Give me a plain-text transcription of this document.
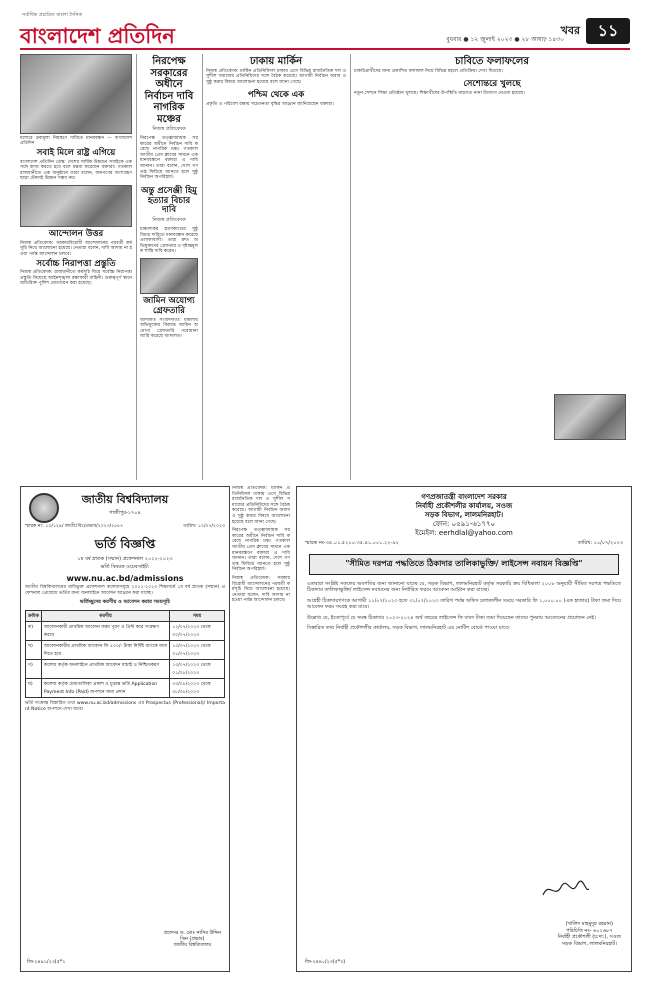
সর্বাধিক প্রচারিত বাংলা দৈনিক
বাংলাদেশ প্রতিদিন	বুধবার ● ১২ জুলাই ২০২৩ ● ২৮ আষাঢ় ১৪৩০
খবর	১১
যশোরে দ্রব্যমূল্য নিয়ন্ত্রণে দাবিতে মানববন্ধন — বাংলাদেশ প্রতিদিন
সবাই মিলে রাষ্ট্র এগিয়ে
বাংলাদেশ প্রতিদিন ডেস্ক: দেশের সার্বিক উন্নয়নে সবাইকে একসঙ্গে কাজ করতে হবে বলে মন্তব্য করেছেন বক্তারা। গতকাল রাজধানীতে এক অনুষ্ঠানে তারা বলেন, জনগণের অংশগ্রহণ ছাড়া টেকসই উন্নয়ন সম্ভব নয়।
আন্দোলন উত্তর
নিজস্ব প্রতিবেদক: সরকারবিরোধী আন্দোলনের পরবর্তী কর্মসূচি নিয়ে আলোচনা হয়েছে। নেতারা বলেন, দাবি আদায় না হওয়া পর্যন্ত আন্দোলন চলবে।
সর্বোচ্চ নিরাপত্তা প্রস্তুতি
নিজস্ব প্রতিবেদক: রাজধানীতে কর্মসূচি ঘিরে সর্বোচ্চ নিরাপত্তা প্রস্তুতি নিয়েছে আইনশৃঙ্খলা রক্ষাকারী বাহিনী। গুরুত্বপূর্ণ স্থানে অতিরিক্ত পুলিশ মোতায়েন করা হয়েছে।
নিরপেক্ষ সরকারের অধীনে নির্বাচন দাবি নাগরিক মঞ্চের
নিজস্ব প্রতিবেদক
নিরপেক্ষ তত্ত্বাবধায়ক সরকারের অধীনে নির্বাচন দাবি করেছে নাগরিক মঞ্চ। গতকাল জাতীয় প্রেস ক্লাবের সামনে এক মানববন্ধনে বক্তারা এ দাবি জানান। তারা বলেন, দেশে গণতন্ত্র ফিরিয়ে আনতে হলে সুষ্ঠু নির্বাচন অপরিহার্য।
অন্তু প্রসেঞ্জী হিমু হত্যার বিচার দাবি
নিজস্ব প্রতিবেদক
চাঞ্চল্যকর হত্যাকাণ্ডের সুষ্ঠু বিচার দাবিতে মানববন্ধন করেছে এলাকাবাসী। তারা দ্রুত অভিযুক্তদের গ্রেফতার ও দৃষ্টান্তমূলক শাস্তি দাবি করেন।
জামিন অযোগ্য গ্রেফতারি
আদালত সংবাদদাতা: মামলায় অভিযুক্তের বিরুদ্ধে জামিন অযোগ্য গ্রেফতারি পরোয়ানা জারি করেছে আদালত।
ঢাকায় মার্কিন
নিজস্ব প্রতিবেদক: মার্কিন প্রতিনিধিদল ঢাকায় এসে বিভিন্ন রাজনৈতিক দল ও সুশীল সমাজের প্রতিনিধিদের সঙ্গে বৈঠক করেছে। আগামী নির্বাচন অবাধ ও সুষ্ঠু করার বিষয়ে আলোচনা হয়েছে বলে জানা গেছে।
পশ্চিম থেকে এক
প্রকৃতি ও পরিবেশ রক্ষায় সচেতনতা বৃদ্ধির আহ্বান জানিয়েছেন বক্তারা।
চাবিতে ফলাফলের
চাকরিপ্রার্থীদের জন্য প্রকাশিত ফলাফল নিয়ে বিভিন্ন মহলে প্রতিক্রিয়া দেখা দিয়েছে।
সেশোন্তরে খুলছে
নতুন সেশনে শিক্ষা প্রতিষ্ঠান খুলছে। শিক্ষার্থীদের উপস্থিতি বাড়াতে নানা উদ্যোগ নেওয়া হয়েছে।
জাতীয় বিশ্ববিদ্যালয়
গাজীপুর-১৭০৪
স্মারক নং: ১০/১২৯/ জাতীঃবিঃ/প্রভাব/২০২৩/২৫৮৭	তারিখ: ১০/০৭/২০২৩
ভর্তি বিজ্ঞপ্তি
১ম বর্ষ স্নাতক (সম্মান) প্রফেশনাল ২০২২-২০২৩
ভর্তি বিষয়ক ওয়েবসাইট:
www.nu.ac.bd/admissions
জাতীয় বিশ্ববিদ্যালয়ের অধিভুক্ত প্রফেশনাল কলেজসমূহে ২০২২-২০২৩ শিক্ষাবর্ষে ১ম বর্ষ স্নাতক (সম্মান) প্রফেশনাল প্রোগ্রামে ভর্তির জন্য অনলাইনে আবেদন আহ্বান করা যাচ্ছে।
ভর্তিচ্ছুদের করণীয় ও আবেদন করার সময়সূচি
ক্রমিক	করণীয়	সময়
ক)	আবেদনকারী প্রাথমিক আবেদন ফরম পূরণ ও প্রিন্ট করে সংরক্ষণ করবে	১২/০৭/২০২৩ থেকে ৩০/০৭/২০২৩
খ)	আবেদনকারীর প্রাথমিক আবেদন ফি ৫০০/- টাকা নির্দিষ্ট ব্যাংকে জমা দিতে হবে	১৩/০৭/২০২৩ থেকে ৩১/০৭/২০২৩
গ)	কলেজ কর্তৃক অনলাইনে প্রাথমিক আবেদন যাচাই ও নিশ্চিতকরণ	১৩/০৭/২০২৩ থেকে ০১/০৮/২০২৩
ঘ)	কলেজ কর্তৃক মেধাতালিকা প্রকাশ ও চূড়ান্ত ভর্তি Application Payment Info (Paid) অপশনে জমা প্রদান	০৩/০৮/২০২৩ থেকে ০৮/০৮/২০২৩
ভর্তি সংক্রান্ত বিস্তারিত তথ্য www.nu.ac.bd/admissions এর Prospectus (Professional)/ Important Notice অপশনে দেখা যাবে।
প্রফেসর ড. মোঃ নাসির উদ্দিন
ডিন (প্রভাব)
জাতীয় বিশ্ববিদ্যালয়
জি-২৪৯১/২৩(৫*২
নিজস্ব প্রতিবেদক: মার্কিন প্রতিনিধিদল ঢাকায় এসে বিভিন্ন রাজনৈতিক দল ও সুশীল সমাজের প্রতিনিধিদের সঙ্গে বৈঠক করেছে। আগামী নির্বাচন অবাধ ও সুষ্ঠু করার বিষয়ে আলোচনা হয়েছে বলে জানা গেছে।
নিরপেক্ষ তত্ত্বাবধায়ক সরকারের অধীনে নির্বাচন দাবি করেছে নাগরিক মঞ্চ। গতকাল জাতীয় প্রেস ক্লাবের সামনে এক মানববন্ধনে বক্তারা এ দাবি জানান। তারা বলেন, দেশে গণতন্ত্র ফিরিয়ে আনতে হলে সুষ্ঠু নির্বাচন অপরিহার্য।
নিজস্ব প্রতিবেদক: সরকারবিরোধী আন্দোলনের পরবর্তী কর্মসূচি নিয়ে আলোচনা হয়েছে। নেতারা বলেন, দাবি আদায় না হওয়া পর্যন্ত আন্দোলন চলবে।
গণপ্রজাতন্ত্রী বাংলাদেশ সরকার
নির্বাহী প্রকৌশলীর কার্যালয়, সওজ
সড়ক বিভাগ, লালমনিরহাট।
ফোন: ০৫৯১-৬১৭৭০
ইমেইল: eerhdlal@yahoo.com
স্মারক নং-৩৫.০১.৫২০০.৩৫.৪১.০০১.২২-৯২	তারিখ: ১০/০৭/২০২৩
"সীমিত দরপত্র পদ্ধতিতে ঠিকাদার তালিকাভুক্তি/ লাইসেন্স নবায়ন বিজ্ঞপ্তি"
এতদ্বারা সংশ্লিষ্ট সকলের অবগতির জন্য জানানো যাচ্ছে যে, সড়ক বিভাগ, লালমনিরহাট কর্তৃক সরকারি ক্রয় বিধিমালা ২০০৮ অনুযায়ী সীমিত দরপত্র পদ্ধতিতে ঠিকাদার তালিকাভুক্তি/ লাইসেন্স নবায়নের জন্য নির্ধারিত ফরমে আবেদন আহ্বান করা যাচ্ছে।
আগ্রহী ঠিকাদারগণকে আগামী ১১/০৭/২০২৩ হতে ৩১/০৭/২০২৩ তারিখ পর্যন্ত অফিস চলাকালীন সময়ে সরকারি ফি ১,০০০.০০ (এক হাজার) টাকা জমা দিয়ে আবেদন ফরম সংগ্রহ করা যাবে।
উল্লেখ্য যে, ইতোপূর্বে যে সমস্ত ঠিকাদার ২০২৩-২০২৪ অর্থ বছরের লাইসেন্স ফি বাবদ টাকা জমা দিয়েছেন তাদের পুনরায় আবেদনের প্রয়োজন নেই।
বিস্তারিত তথ্য নির্বাহী প্রকৌশলীর কার্যালয়, সড়ক বিভাগ, লালমনিরহাট এর নোটিশ বোর্ডে পাওয়া যাবে।
(খালিদ মাহমুদুর রহমান)
পরিচিতি নং- ৬০২৬৮৭
নির্বাহী প্রকৌশলী (চ:দা:), সওজ
সড়ক বিভাগ, লালমনিরহাট।
জি-২৪৪০/২৩(৫*৩)
